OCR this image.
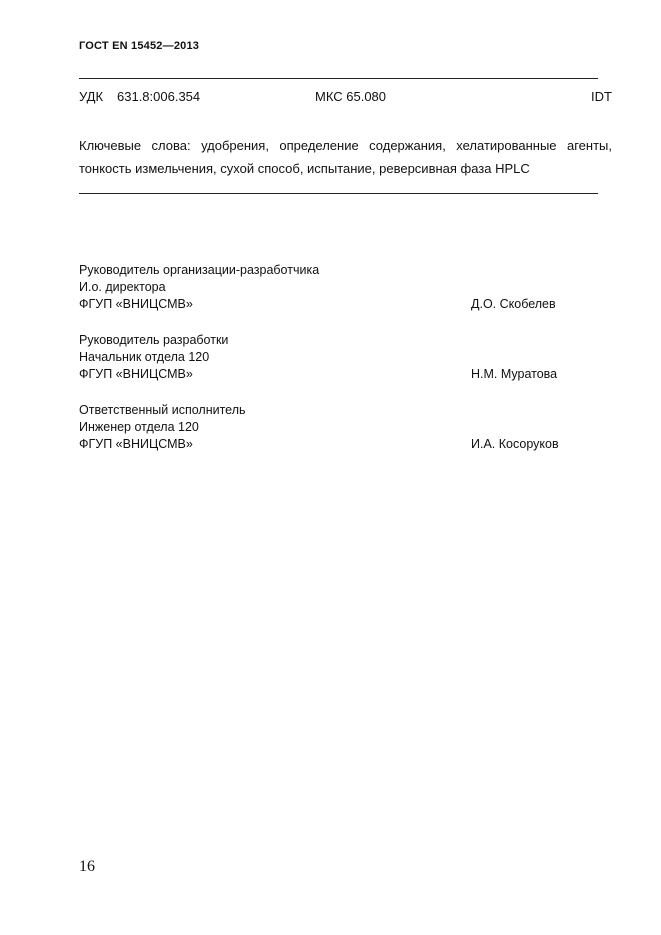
ГОСТ EN 15452—2013
УДК 631.8:006.354	МКС 65.080	IDT
Ключевые слова: удобрения, определение содержания, хелатированные агенты, тонкость измельчения, сухой способ, испытание, реверсивная фаза HPLC
Руководитель организации-разработчика
И.о. директора
ФГУП «ВНИЦСМВ»	Д.О. Скобелев
Руководитель разработки
Начальник отдела 120
ФГУП «ВНИЦСМВ»	Н.М. Муратова
Ответственный исполнитель
Инженер отдела 120
ФГУП «ВНИЦСМВ»	И.А. Косоруков
16
